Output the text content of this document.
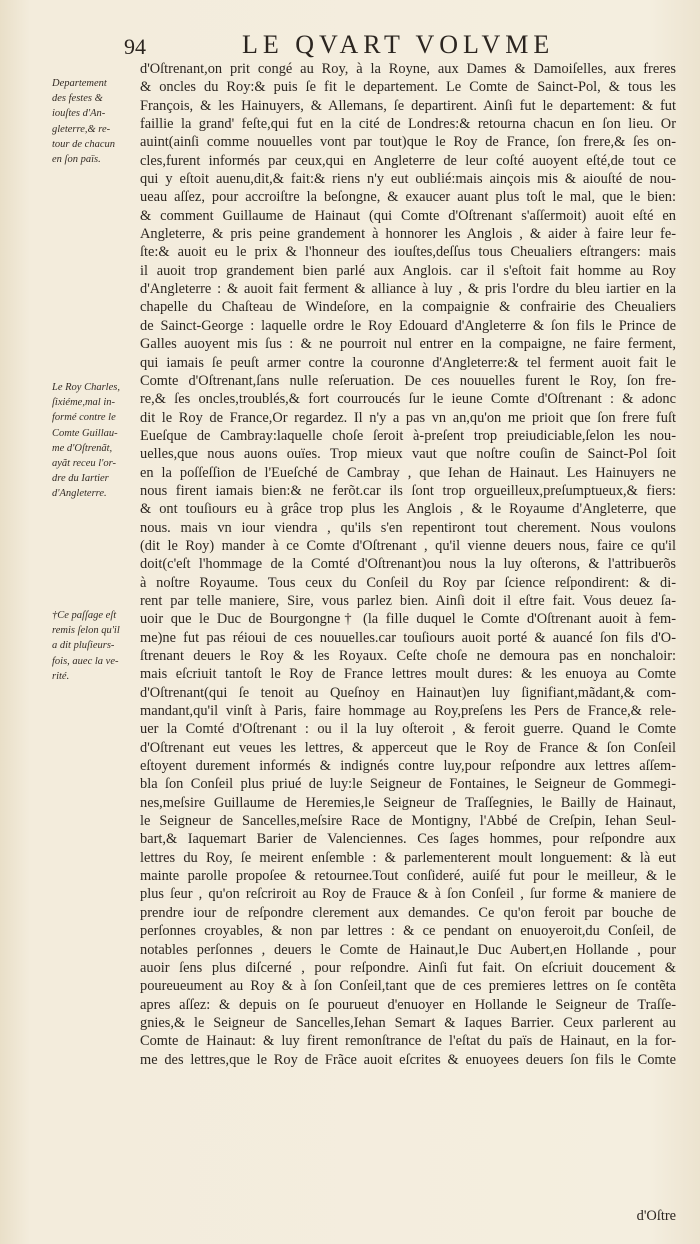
94	LE QVART VOLVME
Departement
des festes &
iouſtes d'An-
gleterre,& re-
tour de chacun
en ſon païs.
Le Roy Charles,
ſixiéme,mal in-
formé contre le
Comte Guillau-
me d'Oſtrenãt,
ayãt receu l'or-
dre du Iartier
d'Angleterre.
†Ce paſſage eſt
remis ſelon qu'il
a dit pluſieurs-
fois, auec la ve-
rité.
d'Oſtrenant,on prit congé au Roy, à la Royne, aux Dames & Damoiſelles, aux freres
& oncles du Roy:& puis ſe fit le departement. Le Comte de Sainct-Pol, & tous les
François, & les Hainuyers, & Allemans, ſe departirent. Ainſi fut le departement: & fut
faillie la grand' feſte,qui fut en la cité de Londres:& retourna chacun en ſon lieu. Or
auint(ainſi comme nouuelles vont par tout)que le Roy de France, ſon frere,& ſes on-
cles,furent informés par ceux,qui en Angleterre de leur coſté auoyent eſté,de tout ce
qui y eſtoit auenu,dit,& fait:& riens n'y eut oublié:mais ainçois mis & aiouſté de nou-
ueau aſſez, pour accroiſtre la beſongne, & exaucer auant plus toſt le mal, que le bien:
& comment Guillaume de Hainaut (qui Comte d'Oſtrenant s'aſſermoit) auoit eſté en
Angleterre, & pris peine grandement à honnorer les Anglois , & aider à faire leur fe-
ſte:& auoit eu le prix & l'honneur des iouſtes,deſſus tous Cheualiers eſtrangers: mais
il auoit trop grandement bien parlé aux Anglois. car il s'eſtoit fait homme au Roy
d'Angleterre : & auoit fait ferment & alliance à luy , & pris l'ordre du bleu iartier en la
chapelle du Chaſteau de Windeſore, en la compaignie & confrairie des Cheualiers
de Sainct-George : laquelle ordre le Roy Edouard d'Angleterre & ſon fils le Prince de
Galles auoyent mis ſus : & ne pourroit nul entrer en la compaigne, ne faire ferment,
qui iamais ſe peuſt armer contre la couronne d'Angleterre:& tel ferment auoit fait le
Comte d'Oſtrenant,ſans nulle reſeruation. De ces nouuelles furent le Roy, ſon fre-
re,& ſes oncles,troublés,& fort courroucés ſur le ieune Comte d'Oſtrenant : & adonc
dit le Roy de France,Or regardez. Il n'y a pas vn an,qu'on me prioit que ſon frere fuſt
Eueſque de Cambray:laquelle choſe ſeroit à-preſent trop preiudiciable,ſelon les nou-
uelles,que nous auons ouïes. Trop mieux vaut que noſtre couſin de Sainct-Pol ſoit
en la poſſeſſion de l'Eueſché de Cambray , que Iehan de Hainaut. Les Hainuyers ne
nous firent iamais bien:& ne ferõt.car ils ſont trop orgueilleux,preſumptueux,& fiers:
& ont touſiours eu à grâce trop plus les Anglois , & le Royaume d'Angleterre, que
nous. mais vn iour viendra , qu'ils s'en repentiront tout cherement. Nous voulons
(dit le Roy) mander à ce Comte d'Oſtrenant , qu'il vienne deuers nous, faire ce qu'il
doit(c'eſt l'hommage de la Comté d'Oſtrenant)ou nous la luy oſterons, & l'attribuerõs
à noſtre Royaume. Tous ceux du Conſeil du Roy par ſcience reſpondirent: & di-
rent par telle maniere, Sire, vous parlez bien. Ainſi doit il eſtre fait. Vous deuez ſa-
uoir que le Duc de Bourgongne† (la fille duquel le Comte d'Oſtrenant auoit à fem-
me)ne fut pas réioui de ces nouuelles.car touſiours auoit porté & auancé ſon fils d'O-
ſtrenant deuers le Roy & les Royaux. Ceſte choſe ne demoura pas en nonchaloir:
mais eſcriuit tantoſt le Roy de France lettres moult dures: & les enuoya au Comte
d'Oſtrenant(qui ſe tenoit au Queſnoy en Hainaut)en luy ſignifiant,mãdant,& com-
mandant,qu'il vinſt à Paris, faire hommage au Roy,preſens les Pers de France,& rele-
uer la Comté d'Oſtrenant : ou il la luy oſteroit , & feroit guerre. Quand le Comte
d'Oſtrenant eut veues les lettres, & apperceut que le Roy de France & ſon Conſeil
eſtoyent durement informés & indignés contre luy,pour reſpondre aux lettres aſſem-
bla ſon Conſeil plus priué de luy:le Seigneur de Fontaines, le Seigneur de Gommegi-
nes,meſsire Guillaume de Heremies,le Seigneur de Traſſegnies, le Bailly de Hainaut,
le Seigneur de Sancelles,meſsire Race de Montigny, l'Abbé de Creſpin, Iehan Seul-
bart,& Iaquemart Barier de Valenciennes. Ces ſages hommes, pour reſpondre aux
lettres du Roy, ſe meirent enſemble : & parlementerent moult longuement: & là eut
mainte parolle propoſee & retournee.Tout conſideré, auiſé fut pour le meilleur, & le
plus ſeur , qu'on reſcriroit au Roy de Frauce & à ſon Conſeil , ſur forme & maniere de
prendre iour de reſpondre clerement aux demandes. Ce qu'on feroit par bouche de
perſonnes croyables, & non par lettres : & ce pendant on enuoyeroit,du Conſeil, de
notables perſonnes , deuers le Comte de Hainaut,le Duc Aubert,en Hollande , pour
auoir ſens plus diſcerné , pour reſpondre. Ainſi fut fait. On eſcriuit doucement &
poureueument au Roy & à ſon Conſeil,tant que de ces premieres lettres on ſe contẽta
apres aſſez: & depuis on ſe pourueut d'enuoyer en Hollande le Seigneur de Traſſe-
gnies,& le Seigneur de Sancelles,Iehan Semart & Iaques Barrier. Ceux parlerent au
Comte de Hainaut: & luy firent remonſtrance de l'eſtat du païs de Hainaut, en la for-
me des lettres,que le Roy de Frãce auoit eſcrites & enuoyees deuers ſon fils le Comte
d'Oſtre
